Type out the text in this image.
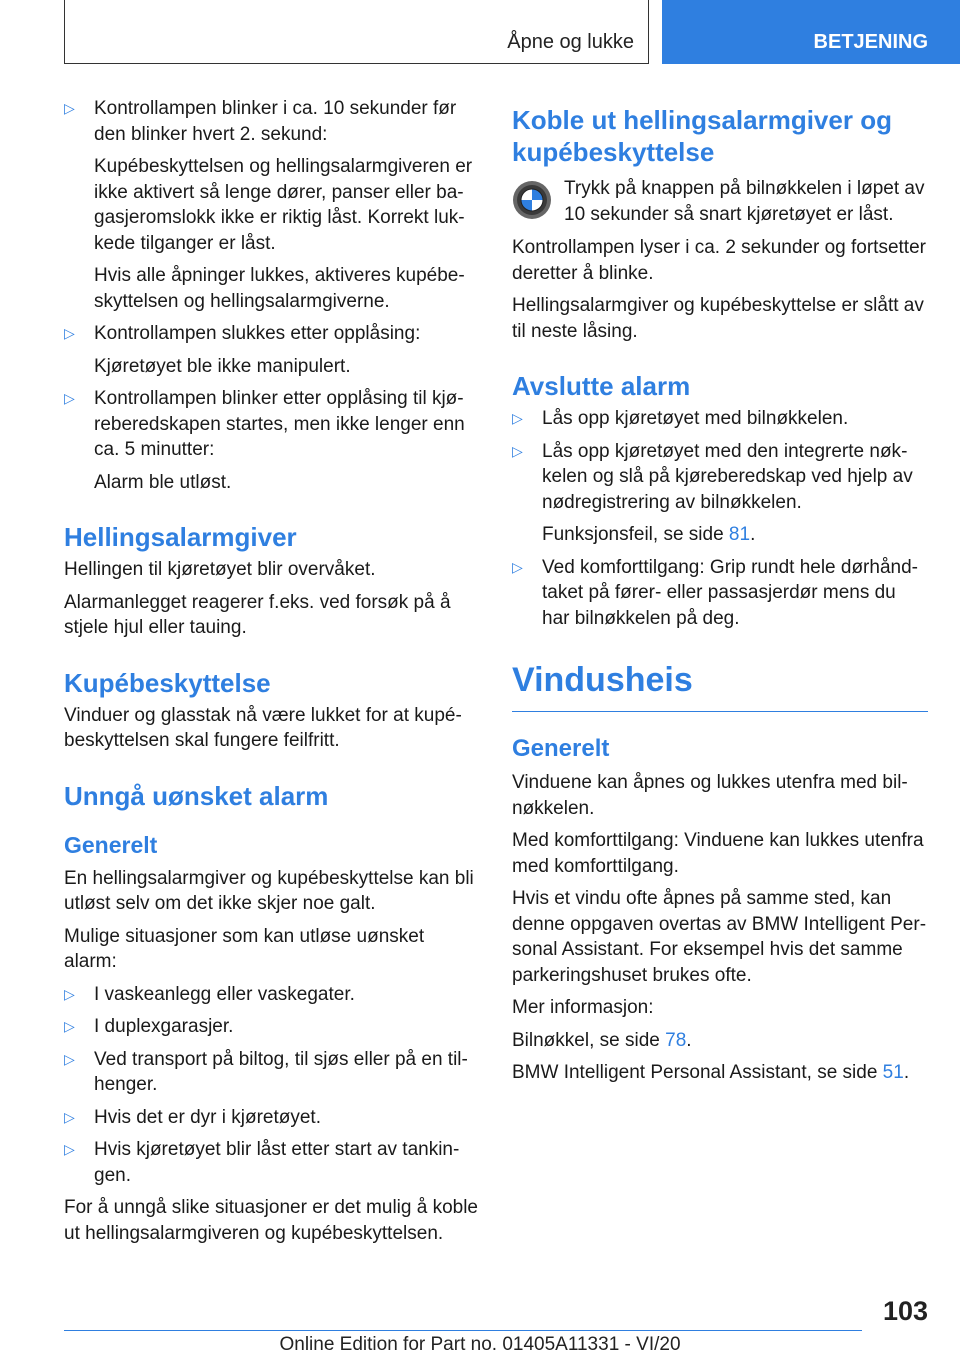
Åpne og lukke	BETJENING
▷ Kontrollampen blinker i ca. 10 sekunder før den blinker hvert 2. sekund:
Kupébeskyttelsen og hellingsalarmgiveren er ikke aktivert så lenge dører, panser eller bagasjeromslokk ikke er riktig låst. Korrekt lukkede tilganger er låst.
Hvis alle åpninger lukkes, aktiveres kupébeskyttelsen og hellingsalarmgiverne.
▷ Kontrollampen slukkes etter opplåsing:
Kjøretøyet ble ikke manipulert.
▷ Kontrollampen blinker etter opplåsing til kjøreberedskapen startes, men ikke lenger enn ca. 5 minutter:
Alarm ble utløst.
Hellingsalarmgiver

Hellingen til kjøretøyet blir overvåket.

Alarmanlegget reagerer f.eks. ved forsøk på å stjele hjul eller tauing.

Kupébeskyttelse

Vinduer og glasstak nå være lukket for at kupébeskyttelsen skal fungere feilfritt.

Unngå uønsket alarm
Generelt

En hellingsalarmgiver og kupébeskyttelse kan bli utløst selv om det ikke skjer noe galt.

Mulige situasjoner som kan utløse uønsket alarm:

▷ I vaskeanlegg eller vaskegater.
▷ I duplexgarasjer.
▷ Ved transport på biltog, til sjøs eller på en tilhenger.
▷ Hvis det er dyr i kjøretøyet.
▷ Hvis kjøretøyet blir låst etter start av tankingen.

For å unngå slike situasjoner er det mulig å koble ut hellingsalarmgiveren og kupébeskyttelsen.

Koble ut hellingsalarmgiver og kupébeskyttelse
Trykk på knappen på bilnøkkelen i løpet av 10 sekunder så snart kjøretøyet er låst.

Kontrollampen lyser i ca. 2 sekunder og fortsetter deretter å blinke.

Hellingsalarmgiver og kupébeskyttelse er slått av til neste låsing.

Avslutte alarm
▷ Lås opp kjøretøyet med bilnøkkelen.
▷ Lås opp kjøretøyet med den integrerte nøkkelen og slå på kjøreberedskap ved hjelp av nødregistrering av bilnøkkelen.
Funksjonsfeil, se side 81.
▷ Ved komforttilgang: Grip rundt hele dørhåndtaket på fører- eller passasjerdør mens du har bilnøkkelen på deg.
Vindusheis
Generelt

Vinduene kan åpnes og lukkes utenfra med bilnøkkelen.

Med komforttilgang: Vinduene kan lukkes utenfra med komforttilgang.

Hvis et vindu ofte åpnes på samme sted, kan denne oppgaven overtas av BMW Intelligent Personal Assistant. For eksempel hvis det samme parkeringshuset brukes ofte.

Mer informasjon:

Bilnøkkel, se side 78.

BMW Intelligent Personal Assistant, se side 51.

103
Online Edition for Part no. 01405A11331 - VI/20
